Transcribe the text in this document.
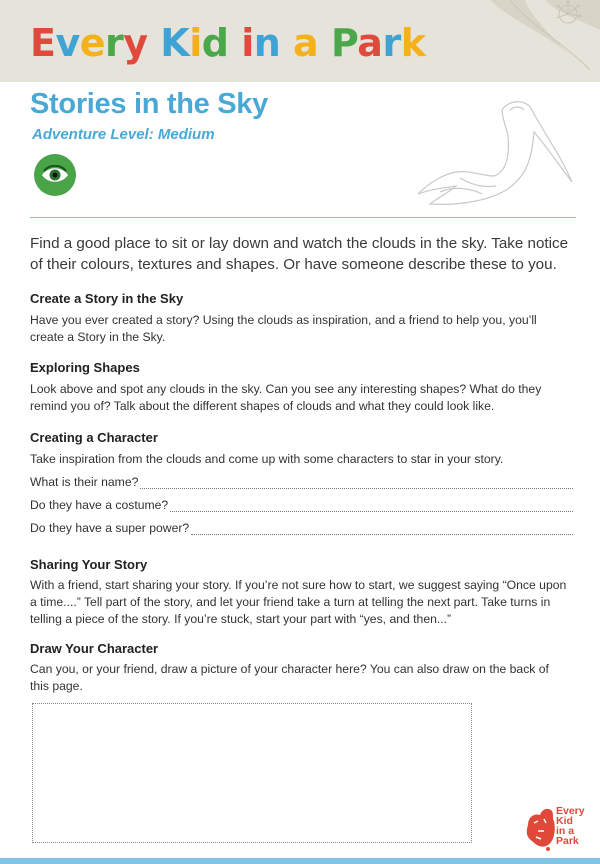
Every Kid in a Park
Stories in the Sky
Adventure Level: Medium
Find a good place to sit or lay down and watch the clouds in the sky. Take notice of their colours, textures and shapes. Or have someone describe these to you.
Create a Story in the Sky
Have you ever created a story? Using the clouds as inspiration, and a friend to help you, you’ll create a Story in the Sky.
Exploring Shapes
Look above and spot any clouds in the sky. Can you see any interesting shapes? What do they remind you of? Talk about the different shapes of clouds and what they could look like.
Creating a Character
Take inspiration from the clouds and come up with some characters to star in your story.
What is their name?
Do they have a costume?
Do they have a super power?
Sharing Your Story
With a friend, start sharing your story. If you’re not sure how to start, we suggest saying “Once upon a time....” Tell part of the story, and let your friend take a turn at telling the next part. Take turns in telling a piece of the story. If you’re stuck, start your part with “yes, and then...”
Draw Your Character
Can you, or your friend, draw a picture of your character here? You can also draw on the back of this page.
Every
Kid
in a
Park
